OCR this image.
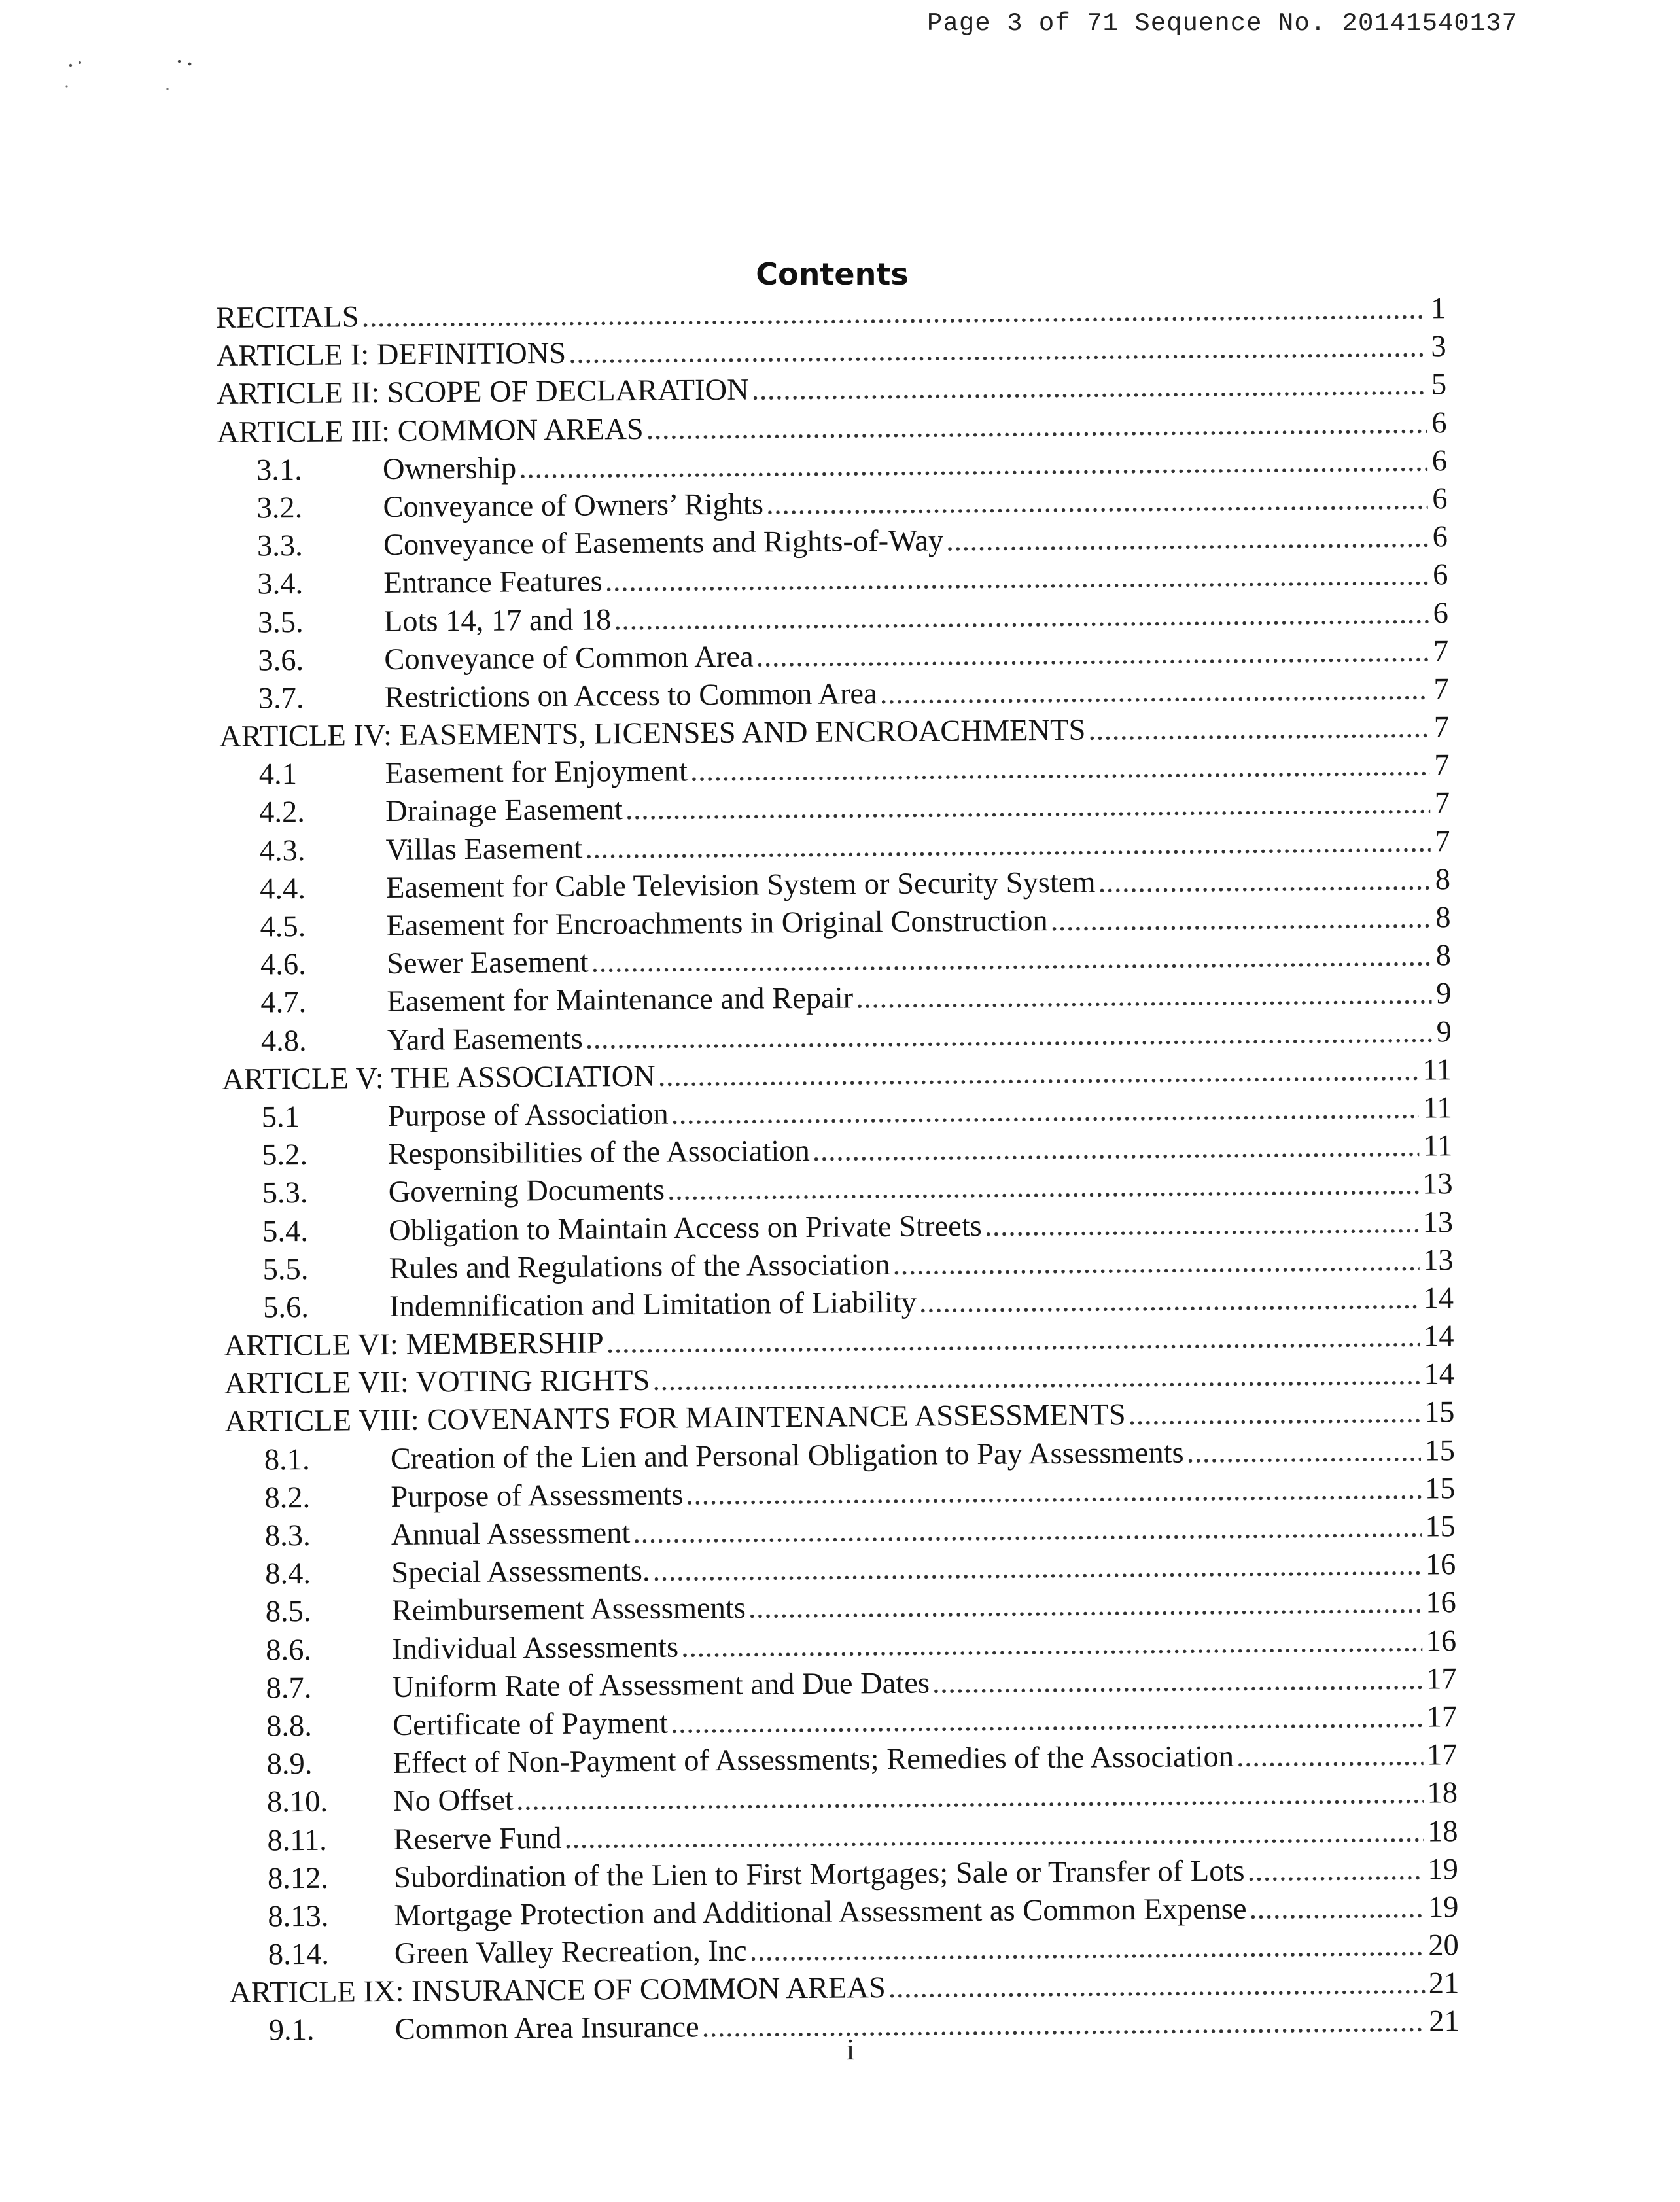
Page 3 of 71 Sequence No. 20141540137
Contents
RECITALS .....	1
ARTICLE I: DEFINITIONS .....	3
ARTICLE II: SCOPE OF DECLARATION .....	5
ARTICLE III: COMMON AREAS .....	6
3.1.	Ownership .....	6
3.2.	Conveyance of Owners’ Rights .....	6
3.3.	Conveyance of Easements and Rights-of-Way .....	6
3.4.	Entrance Features .....	6
3.5.	Lots 14, 17 and 18 .....	6
3.6.	Conveyance of Common Area .....	7
3.7.	Restrictions on Access to Common Area .....	7
ARTICLE IV: EASEMENTS, LICENSES AND ENCROACHMENTS .....	7
4.1	Easement for Enjoyment .....	7
4.2.	Drainage Easement .....	7
4.3.	Villas Easement .....	7
4.4.	Easement for Cable Television System or Security System .....	8
4.5.	Easement for Encroachments in Original Construction .....	8
4.6.	Sewer Easement .....	8
4.7.	Easement for Maintenance and Repair .....	9
4.8.	Yard Easements .....	9
ARTICLE V: THE ASSOCIATION .....	11
5.1	Purpose of Association .....	11
5.2.	Responsibilities of the Association .....	11
5.3.	Governing Documents .....	13
5.4.	Obligation to Maintain Access on Private Streets .....	13
5.5.	Rules and Regulations of the Association .....	13
5.6.	Indemnification and Limitation of Liability .....	14
ARTICLE VI: MEMBERSHIP .....	14
ARTICLE VII: VOTING RIGHTS .....	14
ARTICLE VIII: COVENANTS FOR MAINTENANCE ASSESSMENTS .....	15
8.1.	Creation of the Lien and Personal Obligation to Pay Assessments .....	15
8.2.	Purpose of Assessments .....	15
8.3.	Annual Assessment .....	15
8.4.	Special Assessments. .....	16
8.5.	Reimbursement Assessments .....	16
8.6.	Individual Assessments .....	16
8.7.	Uniform Rate of Assessment and Due Dates .....	17
8.8.	Certificate of Payment .....	17
8.9.	Effect of Non-Payment of Assessments; Remedies of the Association .....	17
8.10.	No Offset .....	18
8.11.	Reserve Fund .....	18
8.12.	Subordination of the Lien to First Mortgages; Sale or Transfer of Lots .....	19
8.13.	Mortgage Protection and Additional Assessment as Common Expense .....	19
8.14.	Green Valley Recreation, Inc .....	20
ARTICLE IX: INSURANCE OF COMMON AREAS .....	21
9.1.	Common Area Insurance .....	21
i
